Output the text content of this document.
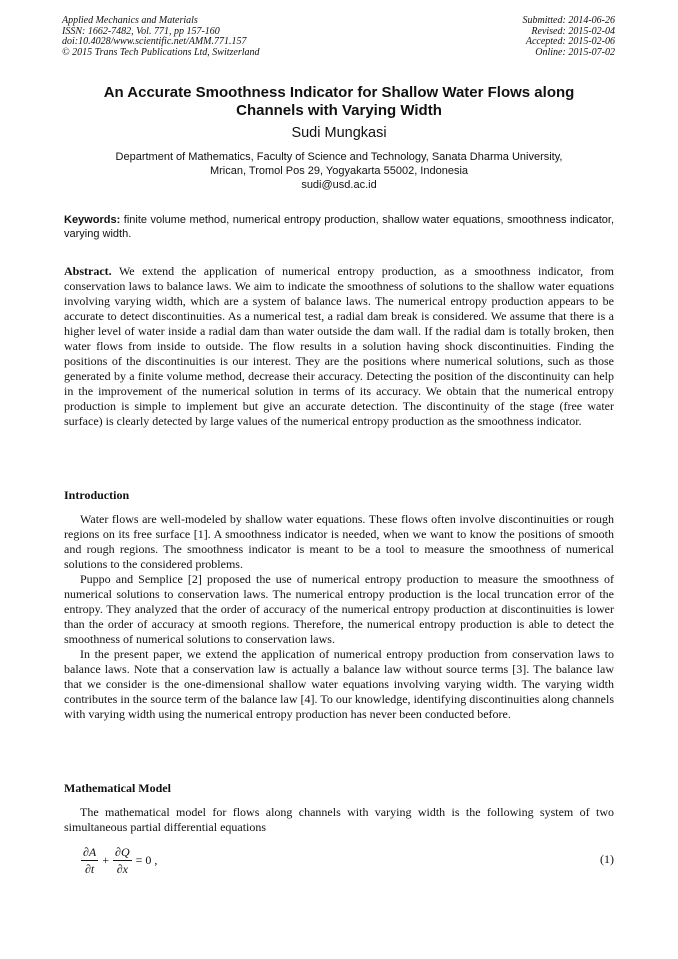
Applied Mechanics and Materials
ISSN: 1662-7482, Vol. 771, pp 157-160
doi:10.4028/www.scientific.net/AMM.771.157
© 2015 Trans Tech Publications Ltd, Switzerland
Submitted: 2014-06-26
Revised: 2015-02-04
Accepted: 2015-02-06
Online: 2015-07-02
An Accurate Smoothness Indicator for Shallow Water Flows along
Channels with Varying Width
Sudi Mungkasi
Department of Mathematics, Faculty of Science and Technology, Sanata Dharma University,
Mrican, Tromol Pos 29, Yogyakarta 55002, Indonesia
sudi@usd.ac.id
Keywords: finite volume method, numerical entropy production, shallow water equations, smoothness indicator, varying width.
Abstract. We extend the application of numerical entropy production, as a smoothness indicator, from conservation laws to balance laws. We aim to indicate the smoothness of solutions to the shallow water equations involving varying width, which are a system of balance laws. The numerical entropy production appears to be accurate to detect discontinuities. As a numerical test, a radial dam break is considered. We assume that there is a higher level of water inside a radial dam than water outside the dam wall. If the radial dam is totally broken, then water flows from inside to outside. The flow results in a solution having shock discontinuities. Finding the positions of the discontinuities is our interest. They are the positions where numerical solutions, such as those generated by a finite volume method, decrease their accuracy. Detecting the position of the discontinuity can help in the improvement of the numerical solution in terms of its accuracy. We obtain that the numerical entropy production is simple to implement but give an accurate detection. The discontinuity of the stage (free water surface) is clearly detected by large values of the numerical entropy production as the smoothness indicator.
Introduction

Water flows are well-modeled by shallow water equations. These flows often involve discontinuities or rough regions on its free surface [1]. A smoothness indicator is needed, when we want to know the positions of smooth and rough regions. The smoothness indicator is meant to be a tool to measure the smoothness of numerical solutions to the considered problems.

Puppo and Semplice [2] proposed the use of numerical entropy production to measure the smoothness of numerical solutions to conservation laws. The numerical entropy production is the local truncation error of the entropy. They analyzed that the order of accuracy of the numerical entropy production at discontinuities is lower than the order of accuracy at smooth regions. Therefore, the numerical entropy production is able to detect the smoothness of numerical solutions to conservation laws.

In the present paper, we extend the application of numerical entropy production from conservation laws to balance laws. Note that a conservation law is actually a balance law without source terms [3]. The balance law that we consider is the one-dimensional shallow water equations involving varying width. The varying width contributes in the source term of the balance law [4]. To our knowledge, identifying discontinuities along channels with varying width using the numerical entropy production has never been conducted before.

Mathematical Model

The mathematical model for flows along channels with varying width is the following system of two simultaneous partial differential equations

$\frac{\partial A}{\partial t} + \frac{\partial Q}{\partial x} = 0$ ,	(1)
